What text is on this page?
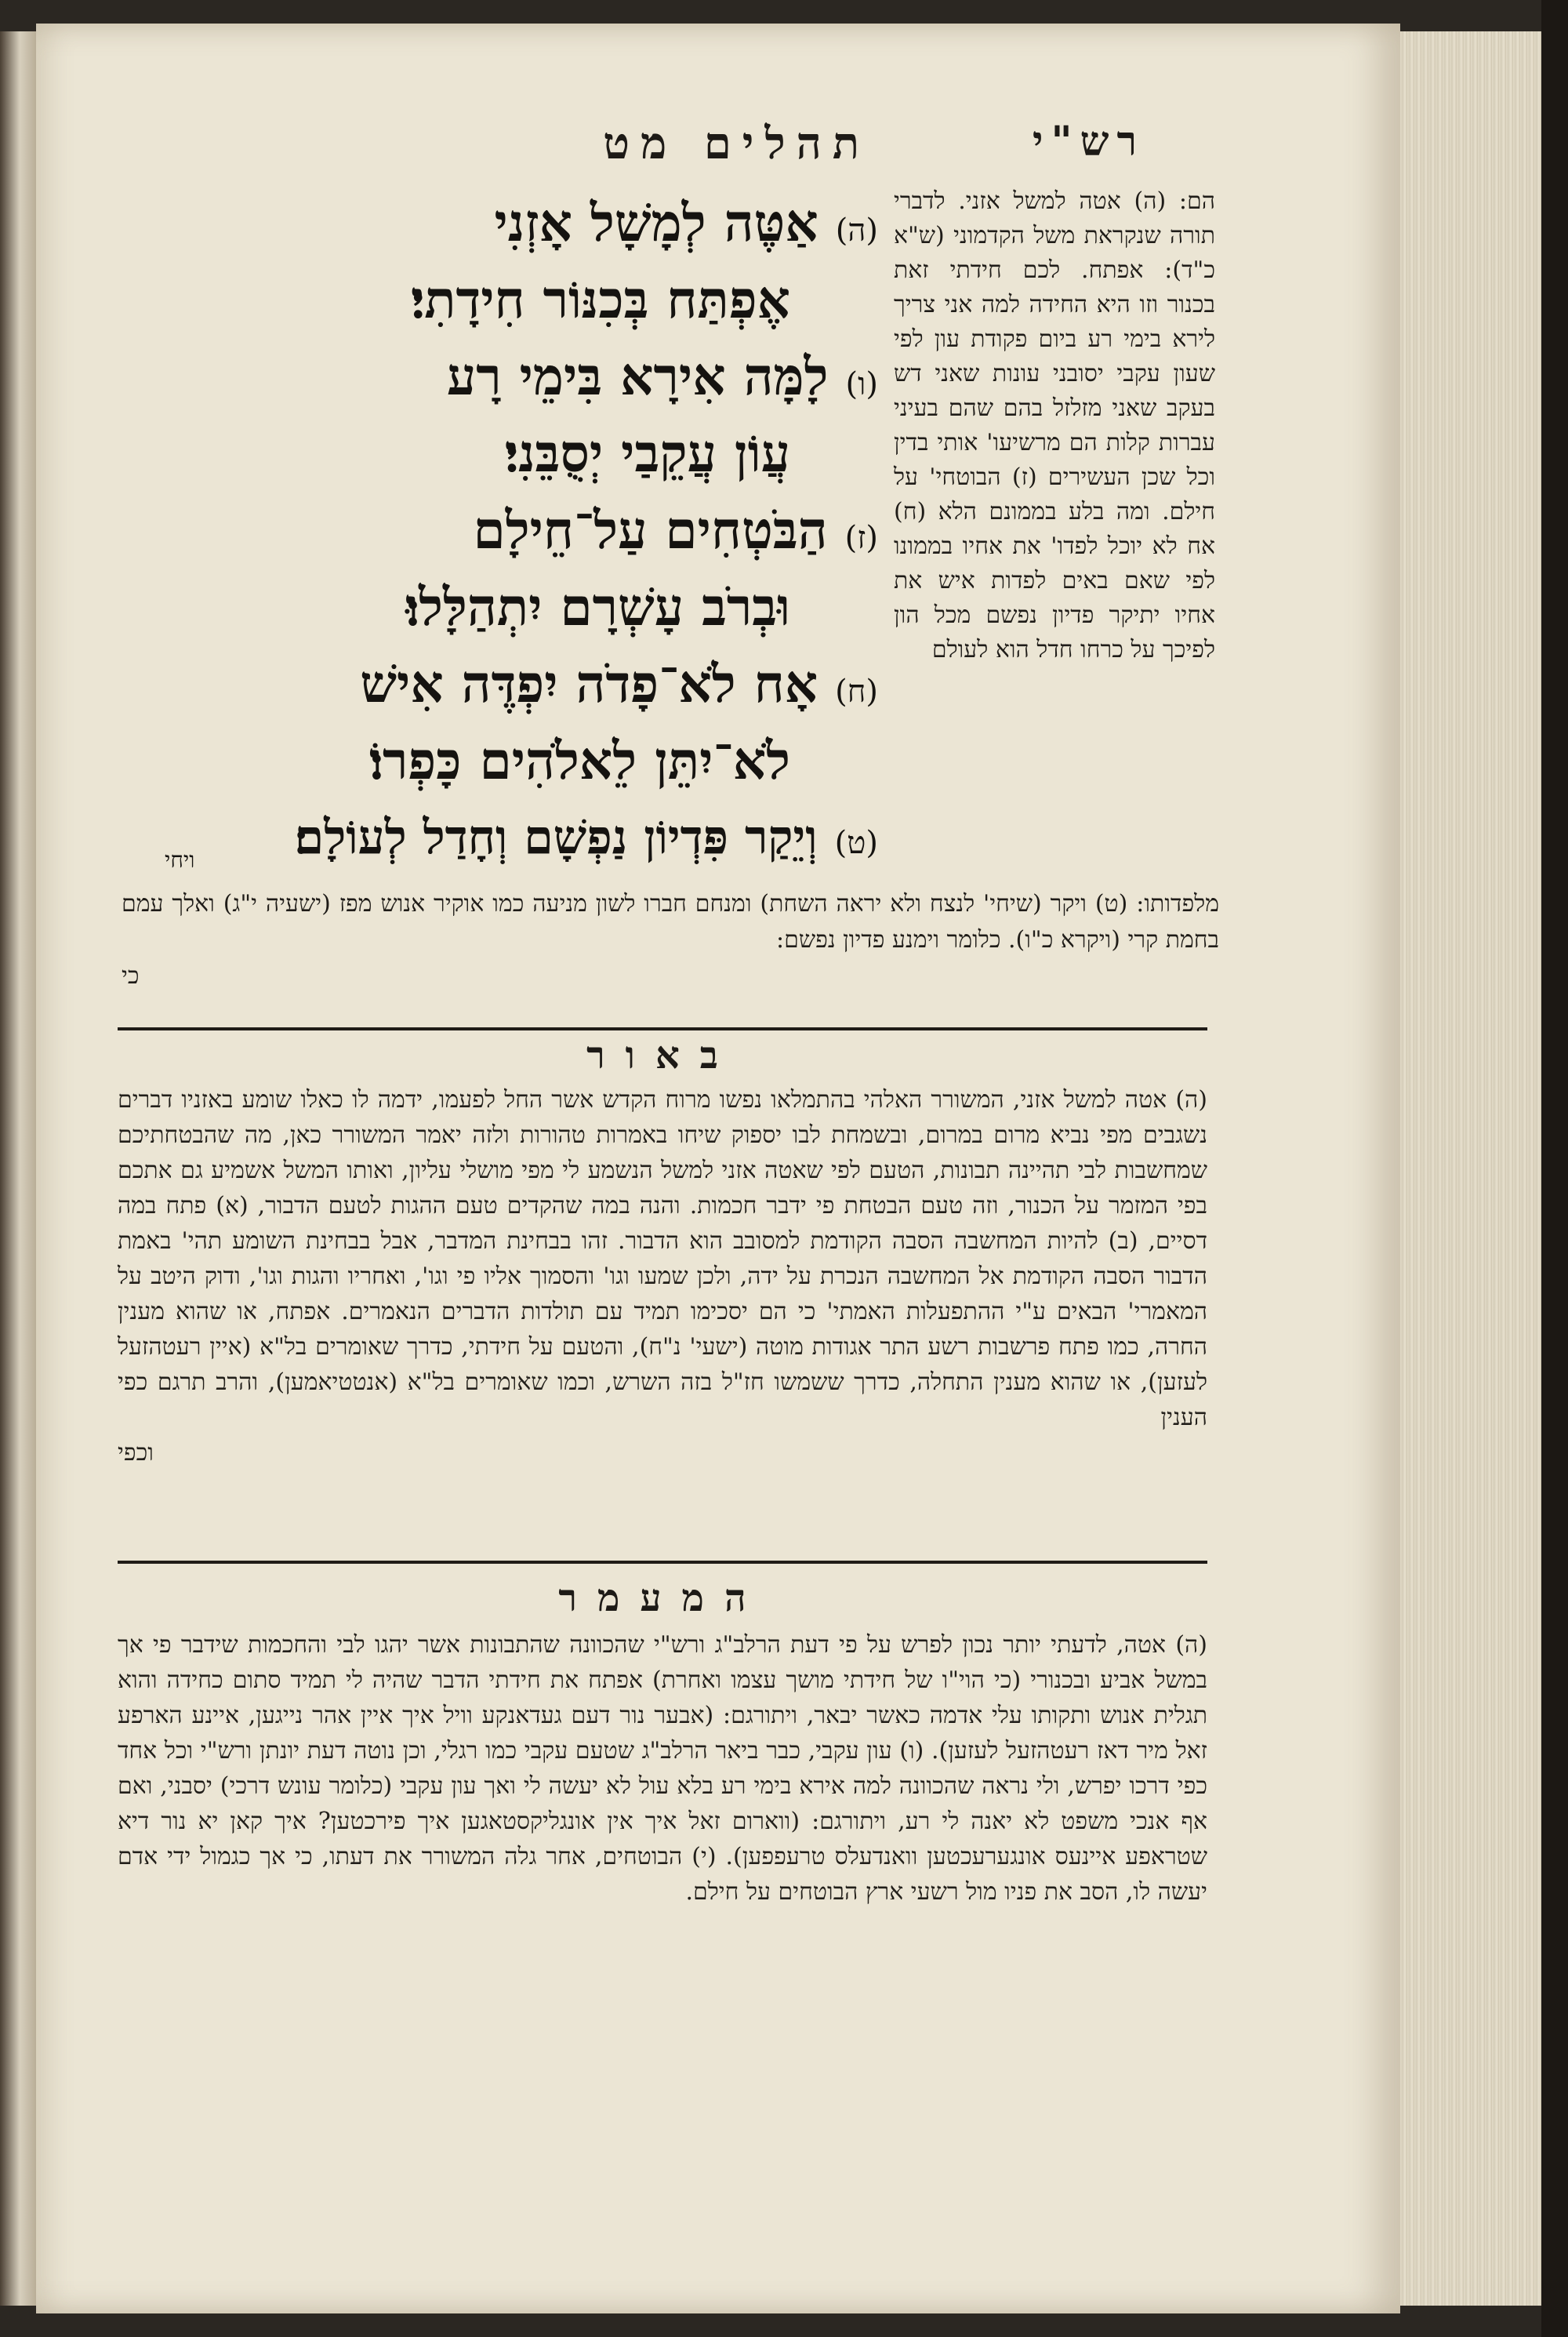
תהלים מט	רש"י
(ה)אַטֶּה לְמָשָׁל אָזְנִי
אֶפְתַּח בְּכִנּוֹר חִידָתִי׃
(ו)לָמָּה אִירָא בִּימֵי רָע
עֲוֹן עֲקֵבַי יְסֻבֵּנִי׃
(ז)הַבֹּטְחִים עַל־חֵילָם
וּבְרֹב עָשְׁרָם יִתְהַלָּלוּ׃
(ח)אָח לֹא־פָדֹה יִפְדֶּה אִישׁ
לֹא־יִתֵּן לֵאלֹהִים כָּפְרוֹ׃
(ט)וְיֵקַר פִּדְיוֹן נַפְשָׁם וְחָדַל לְעוֹלָם׃
ויחי
הם: (ה) אטה למשל אזני. לדברי תורה שנקראת משל הקדמוני (ש"א כ"ד): אפתח. לכם חידתי זאת בכנור וזו היא החידה למה אני צריך לירא בימי רע ביום פקודת עון לפי שעון עקבי יסובני עונות שאני דש בעקב שאני מזלזל בהם שהם בעיני עברות קלות הם מרשיעו' אותי בדין וכל שכן העשירים (ז) הבוטחי' על חילם. ומה בלע בממונם הלא (ח) אח לא יוכל לפדו' את אחיו בממונו לפי שאם באים לפדות איש את אחיו יתיקר פדיון נפשם מכל הון לפיכך על כרחו חדל הוא לעולם
מלפדותו: (ט) ויקר (שיחי' לנצח ולא יראה השחת) ומנחם חברו לשון מניעה כמו אוקיר אנוש מפז (ישעיה י"ג) ואלך עמם בחמת קרי (ויקרא כ"ו). כלומר וימנע פדיון נפשם:
כי
באור

(ה) אטה למשל אזני, המשורר האלהי בהתמלאו נפשו מרוח הקדש אשר החל לפעמו, ידמה לו כאלו שומע באזניו דברים נשגבים מפי נביא מרום במרום, ובשמחת לבו יספוק שיחו באמרות טהורות ולזה יאמר המשורר כאן, מה שהבטחתיכם שמחשבות לבי תהיינה תבונות, הטעם לפי שאטה אזני למשל הנשמע לי מפי מושלי עליון, ואותו המשל אשמיע גם אתכם בפי המזמר על הכנור, וזה טעם הבטחת פי ידבר חכמות. והנה במה שהקדים טעם ההגות לטעם הדבור, (א) פתח במה דסיים, (ב) להיות המחשבה הסבה הקודמת למסובב הוא הדבור. זהו בבחינת המדבר, אבל בבחינת השומע תהי' באמת הדבור הסבה הקודמת אל המחשבה הנכרת על ידה, ולכן שמעו וגו' והסמוך אליו פי וגו', ואחריו והגות וגו', ודוק היטב על המאמרי' הבאים ע"י ההתפעלות האמתי' כי הם יסכימו תמיד עם תולדות הדברים הנאמרים. אפתח, או שהוא מענין החרה, כמו פתח פרשבות רשע התר אגודות מוטה (ישעי' נ"ח), והטעם על חידתי, כדרך שאומרים בל"א (איין רעטהזעל לעזען), או שהוא מענין התחלה, כדרך ששמשו חז"ל בזה השרש, וכמו שאומרים בל"א (אנטטיאמען), והרב תרגם כפי הענין

וכפי

המעמר

(ה) אטה, לדעתי יותר נכון לפרש על פי דעת הרלב"ג ורש"י שהכוונה שהתבונות אשר יהגו לבי והחכמות שידבר פי אך במשל אביע ובכנורי (כי הוי"ו של חידתי מושך עצמו ואחרת) אפתח את חידתי הדבר שהיה לי תמיד סתום כחידה והוא תגלית אנוש ותקותו עלי אדמה כאשר יבאר, ויתורגם: (אבער נור דעם געדאנקע וויל איך איין אהר נייגען, איינע הארפע זאל מיר דאז רעטהזעל לעזען). (ו) עון עקבי, כבר ביאר הרלב"ג שטעם עקבי כמו רגלי, וכן נוטה דעת יונתן ורש"י וכל אחד כפי דרכו יפרש, ולי נראה שהכוונה למה אירא בימי רע בלא עול לא יעשה לי ואך עון עקבי (כלומר עונש דרכי) יסבני, ואם אף אנכי משפט לא יאנה לי רע, ויתורגם: (ווארום זאל איך אין אונגליקסטאגען איך פירכטען? איך קאן יא נור דיא שטראפע איינעס אונגערעכטען וואנדעלס טרעפפען). (י) הבוטחים, אחר גלה המשורר את דעתו, כי אך כגמול ידי אדם יעשה לו, הסב את פניו מול רשעי ארץ הבוטחים על חילם.
